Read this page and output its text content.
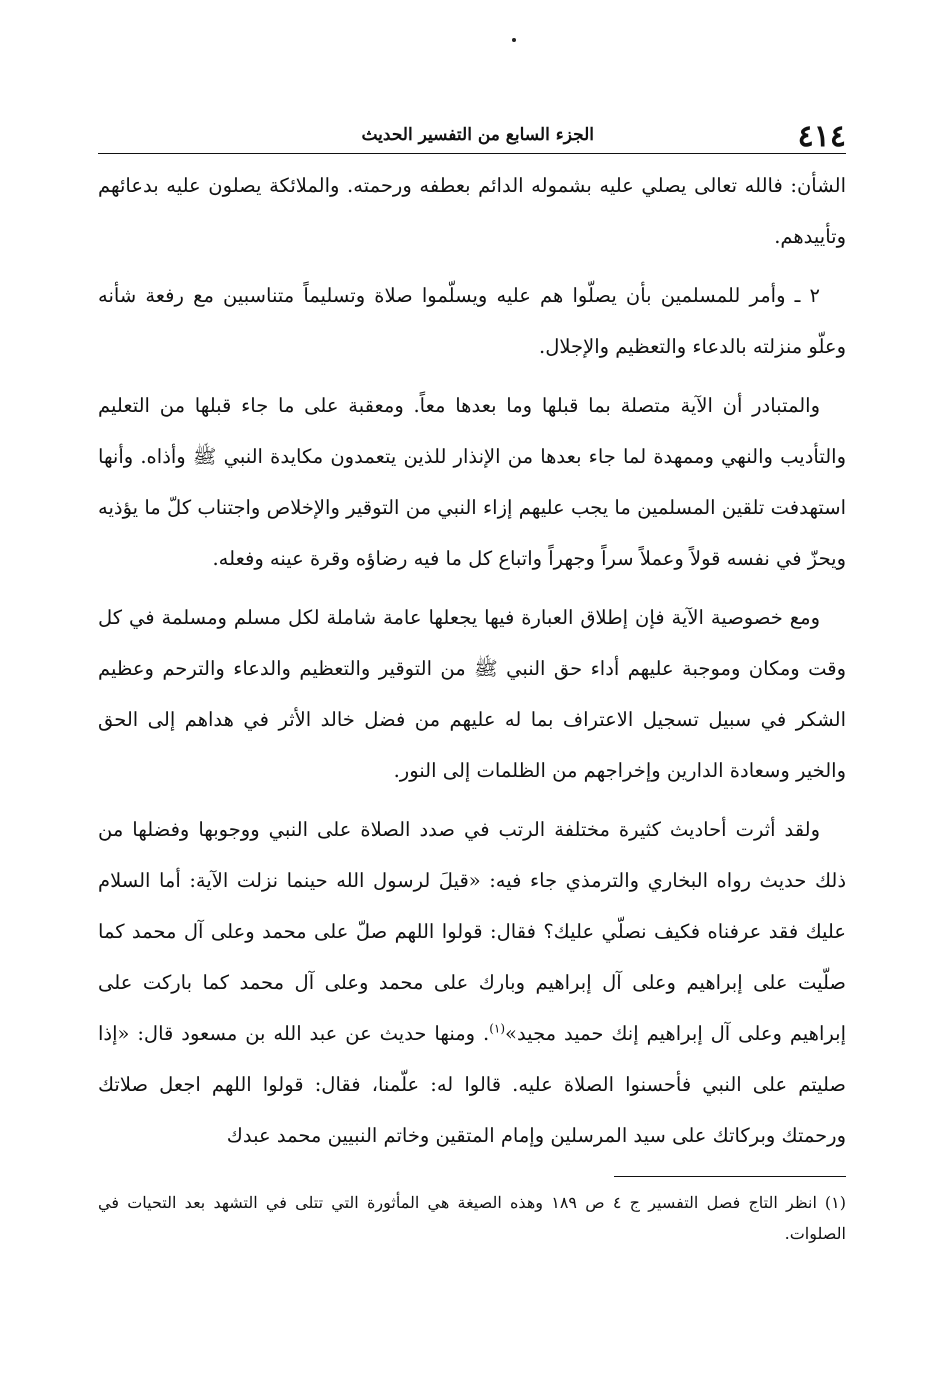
٤١٤
الجزء السابع من التفسير الحديث

الشأن: فالله تعالى يصلي عليه بشموله الدائم بعطفه ورحمته. والملائكة يصلون عليه بدعائهم وتأييدهم.

٢ ـ وأمر للمسلمين بأن يصلّوا هم عليه ويسلّموا صلاة وتسليماً متناسبين مع رفعة شأنه وعلّو منزلته بالدعاء والتعظيم والإجلال.

والمتبادر أن الآية متصلة بما قبلها وما بعدها معاً. ومعقبة على ما جاء قبلها من التعليم والتأديب والنهي وممهدة لما جاء بعدها من الإنذار للذين يتعمدون مكايدة النبي ﷺ وأذاه. وأنها استهدفت تلقين المسلمين ما يجب عليهم إزاء النبي من التوقير والإخلاص واجتناب كلّ ما يؤذيه ويحزّ في نفسه قولاً وعملاً سراً وجهراً واتباع كل ما فيه رضاؤه وقرة عينه وفعله.

ومع خصوصية الآية فإن إطلاق العبارة فيها يجعلها عامة شاملة لكل مسلم ومسلمة في كل وقت ومكان وموجبة عليهم أداء حق النبي ﷺ من التوقير والتعظيم والدعاء والترحم وعظيم الشكر في سبيل تسجيل الاعتراف بما له عليهم من فضل خالد الأثر في هداهم إلى الحق والخير وسعادة الدارين وإخراجهم من الظلمات إلى النور.

ولقد أثرت أحاديث كثيرة مختلفة الرتب في صدد الصلاة على النبي ووجوبها وفضلها من ذلك حديث رواه البخاري والترمذي جاء فيه: «قيلَ لرسول الله حينما نزلت الآية: أما السلام عليك فقد عرفناه فكيف نصلّي عليك؟ فقال: قولوا اللهم صلّ على محمد وعلى آل محمد كما صلّيت على إبراهيم وعلى آل إبراهيم وبارك على محمد وعلى آل محمد كما باركت على إبراهيم وعلى آل إبراهيم إنك حميد مجيد»$^{(١)}$. ومنها حديث عن عبد الله بن مسعود قال: «إذا صليتم على النبي فأحسنوا الصلاة عليه. قالوا له: علّمنا، فقال: قولوا اللهم اجعل صلاتك ورحمتك وبركاتك على سيد المرسلين وإمام المتقين وخاتم النبيين محمد عبدك

(١)انظر التاج فصل التفسير ج ٤ ص ١٨٩ وهذه الصيغة هي المأثورة التي تتلى في التشهد بعد التحيات في الصلوات.
